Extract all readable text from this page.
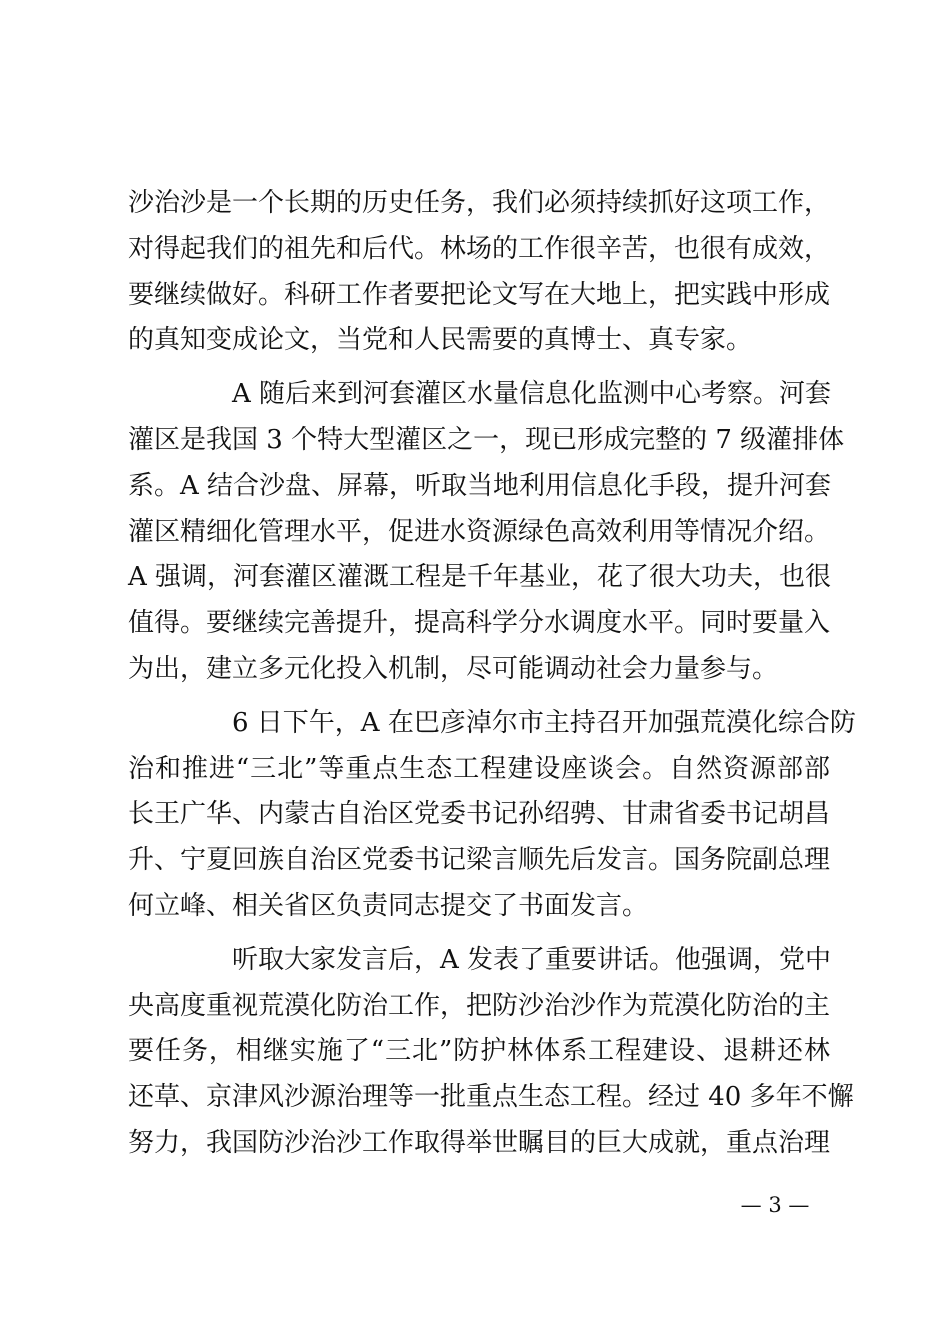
沙治沙是一个长期的历史任务，我们必须持续抓好这项工作，
对得起我们的祖先和后代。林场的工作很辛苦，也很有成效，
要继续做好。科研工作者要把论文写在大地上，把实践中形成
的真知变成论文，当党和人民需要的真博士、真专家。
A 随后来到河套灌区水量信息化监测中心考察。河套
灌区是我国 3 个特大型灌区之一，现已形成完整的 7 级灌排体
系。A 结合沙盘、屏幕，听取当地利用信息化手段，提升河套
灌区精细化管理水平，促进水资源绿色高效利用等情况介绍。
A 强调，河套灌区灌溉工程是千年基业，花了很大功夫，也很
值得。要继续完善提升，提高科学分水调度水平。同时要量入
为出，建立多元化投入机制，尽可能调动社会力量参与。
6 日下午，A 在巴彦淖尔市主持召开加强荒漠化综合防
治和推进“三北”等重点生态工程建设座谈会。自然资源部部
长王广华、内蒙古自治区党委书记孙绍骋、甘肃省委书记胡昌
升、宁夏回族自治区党委书记梁言顺先后发言。国务院副总理
何立峰、相关省区负责同志提交了书面发言。
听取大家发言后，A 发表了重要讲话。他强调，党中
央高度重视荒漠化防治工作，把防沙治沙作为荒漠化防治的主
要任务，相继实施了“三北”防护林体系工程建设、退耕还林
还草、京津风沙源治理等一批重点生态工程。经过 40 多年不懈
努力，我国防沙治沙工作取得举世瞩目的巨大成就，重点治理
— 3 —
